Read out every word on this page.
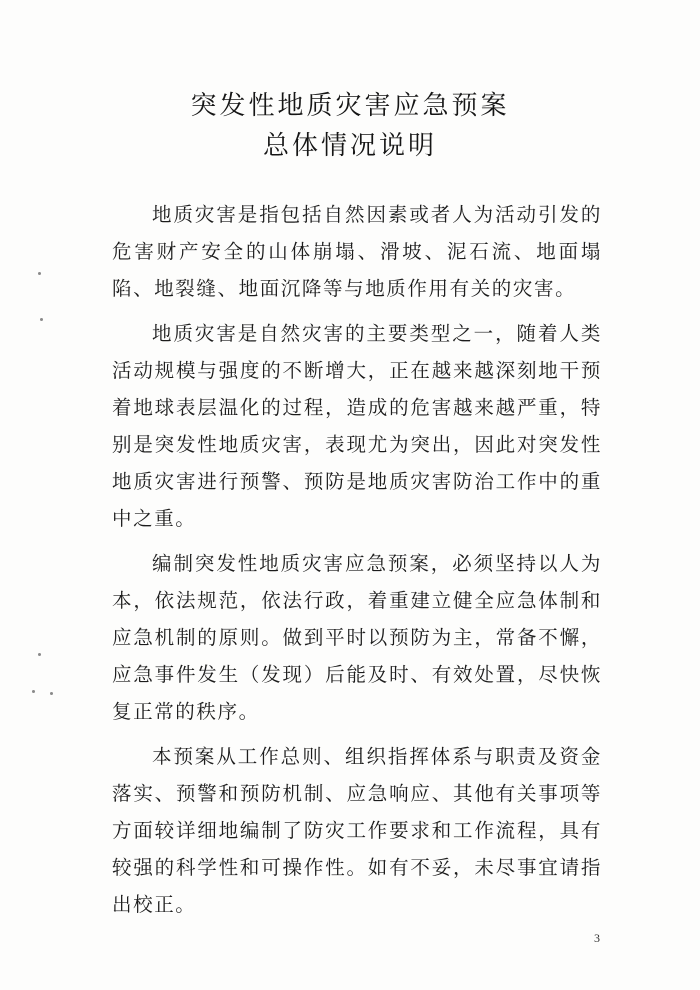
突发性地质灾害应急预案
总体情况说明

地质灾害是指包括自然因素或者人为活动引发的危害财产安全的山体崩塌、滑坡、泥石流、地面塌陷、地裂缝、地面沉降等与地质作用有关的灾害。

地质灾害是自然灾害的主要类型之一，随着人类活动规模与强度的不断增大，正在越来越深刻地干预着地球表层温化的过程，造成的危害越来越严重，特别是突发性地质灾害，表现尤为突出，因此对突发性地质灾害进行预警、预防是地质灾害防治工作中的重中之重。

编制突发性地质灾害应急预案，必须坚持以人为本，依法规范，依法行政，着重建立健全应急体制和应急机制的原则。做到平时以预防为主，常备不懈，应急事件发生（发现）后能及时、有效处置，尽快恢复正常的秩序。

本预案从工作总则、组织指挥体系与职责及资金落实、预警和预防机制、应急响应、其他有关事项等方面较详细地编制了防灾工作要求和工作流程，具有较强的科学性和可操作性。如有不妥，未尽事宜请指出校正。

3
